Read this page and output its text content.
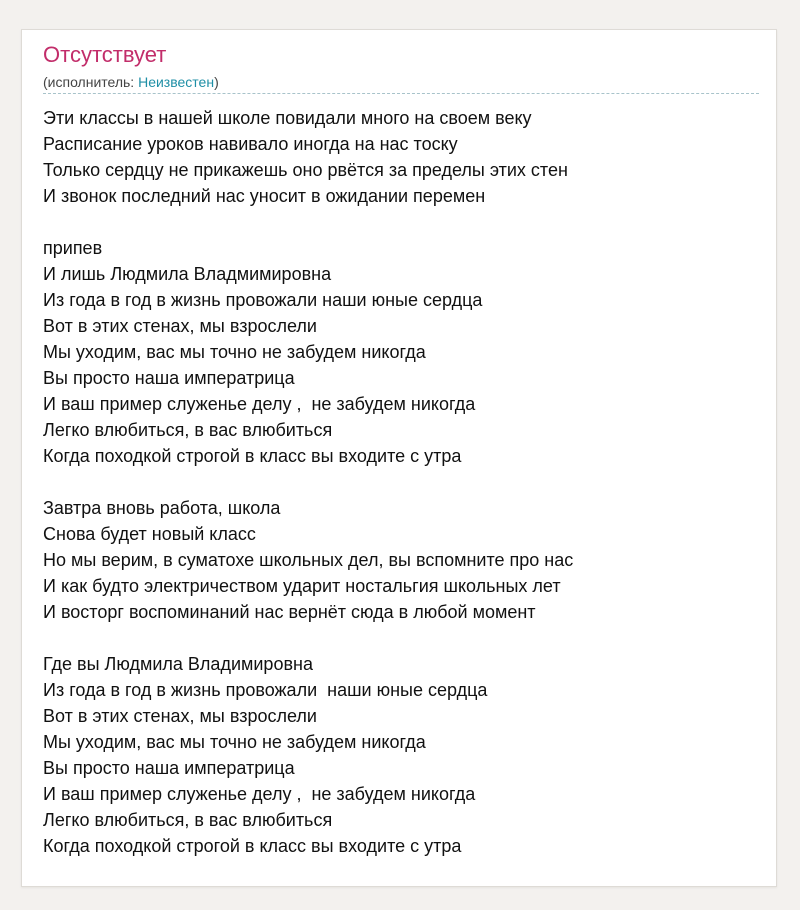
Отсутствует
(исполнитель: Неизвестен)
Эти классы в нашей школе повидали много на своем веку
Расписание уроков навивало иногда на нас тоску
Только сердцу не прикажешь оно рвётся за пределы этих стен
И звонок последний нас уносит в ожидании перемен
припев
И лишь Людмила Владмимировна
Из года в год в жизнь провожали наши юные сердца
Вот в этих стенах, мы взрослели
Мы уходим, вас мы точно не забудем никогда
Вы просто наша императрица
И ваш пример служенье делу ,  не забудем никогда
Легко влюбиться, в вас влюбиться
Когда походкой строгой в класс вы входите с утра
Завтра вновь работа, школа
Снова будет новый класс
Но мы верим, в суматохе школьных дел, вы вспомните про нас
И как будто электричеством ударит ностальгия школьных лет
И восторг воспоминаний нас вернёт сюда в любой момент
Где вы Людмила Владимировна
Из года в год в жизнь провожали  наши юные сердца
Вот в этих стенах, мы взрослели
Мы уходим, вас мы точно не забудем никогда
Вы просто наша императрица
И ваш пример служенье делу ,  не забудем никогда
Легко влюбиться, в вас влюбиться
Когда походкой строгой в класс вы входите с утра
